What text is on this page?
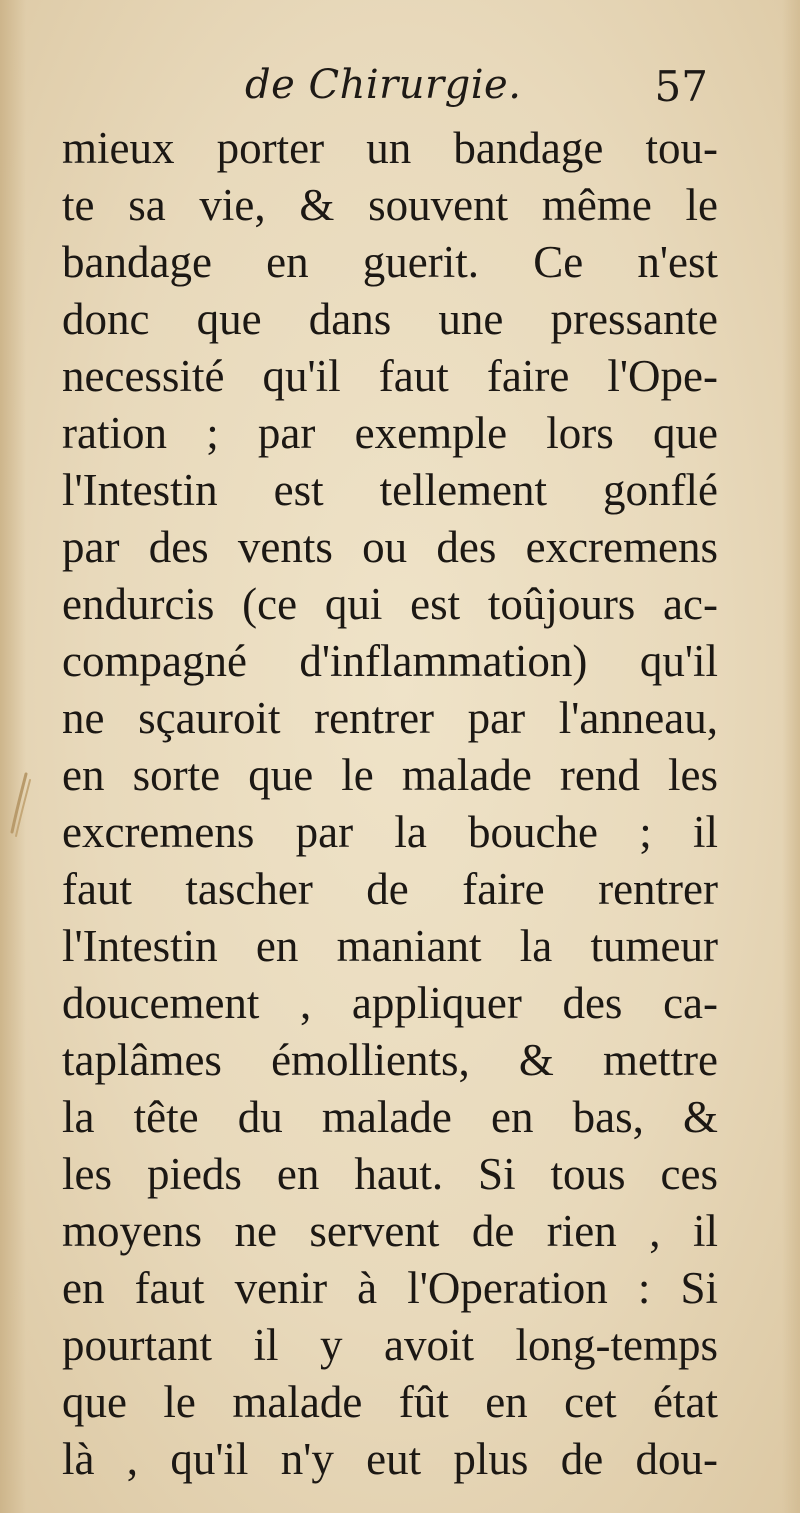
de Chirurgie.	57
mieux porter un bandage tou-
te sa vie, & souvent même le
bandage en guerit. Ce n'est
donc que dans une pressante
necessité qu'il faut faire l'Ope-
ration ; par exemple lors que
l'Intestin est tellement gonflé
par des vents ou des excremens
endurcis (ce qui est toûjours ac-
compagné d'inflammation) qu'il
ne sçauroit rentrer par l'anneau,
en sorte que le malade rend les
excremens par la bouche ; il
faut tascher de faire rentrer
l'Intestin en maniant la tumeur
doucement , appliquer des ca-
taplâmes émollients, & mettre
la tête du malade en bas, &
les pieds en haut. Si tous ces
moyens ne servent de rien , il
en faut venir à l'Operation : Si
pourtant il y avoit long-temps
que le malade fût en cet état
là , qu'il n'y eut plus de dou-
